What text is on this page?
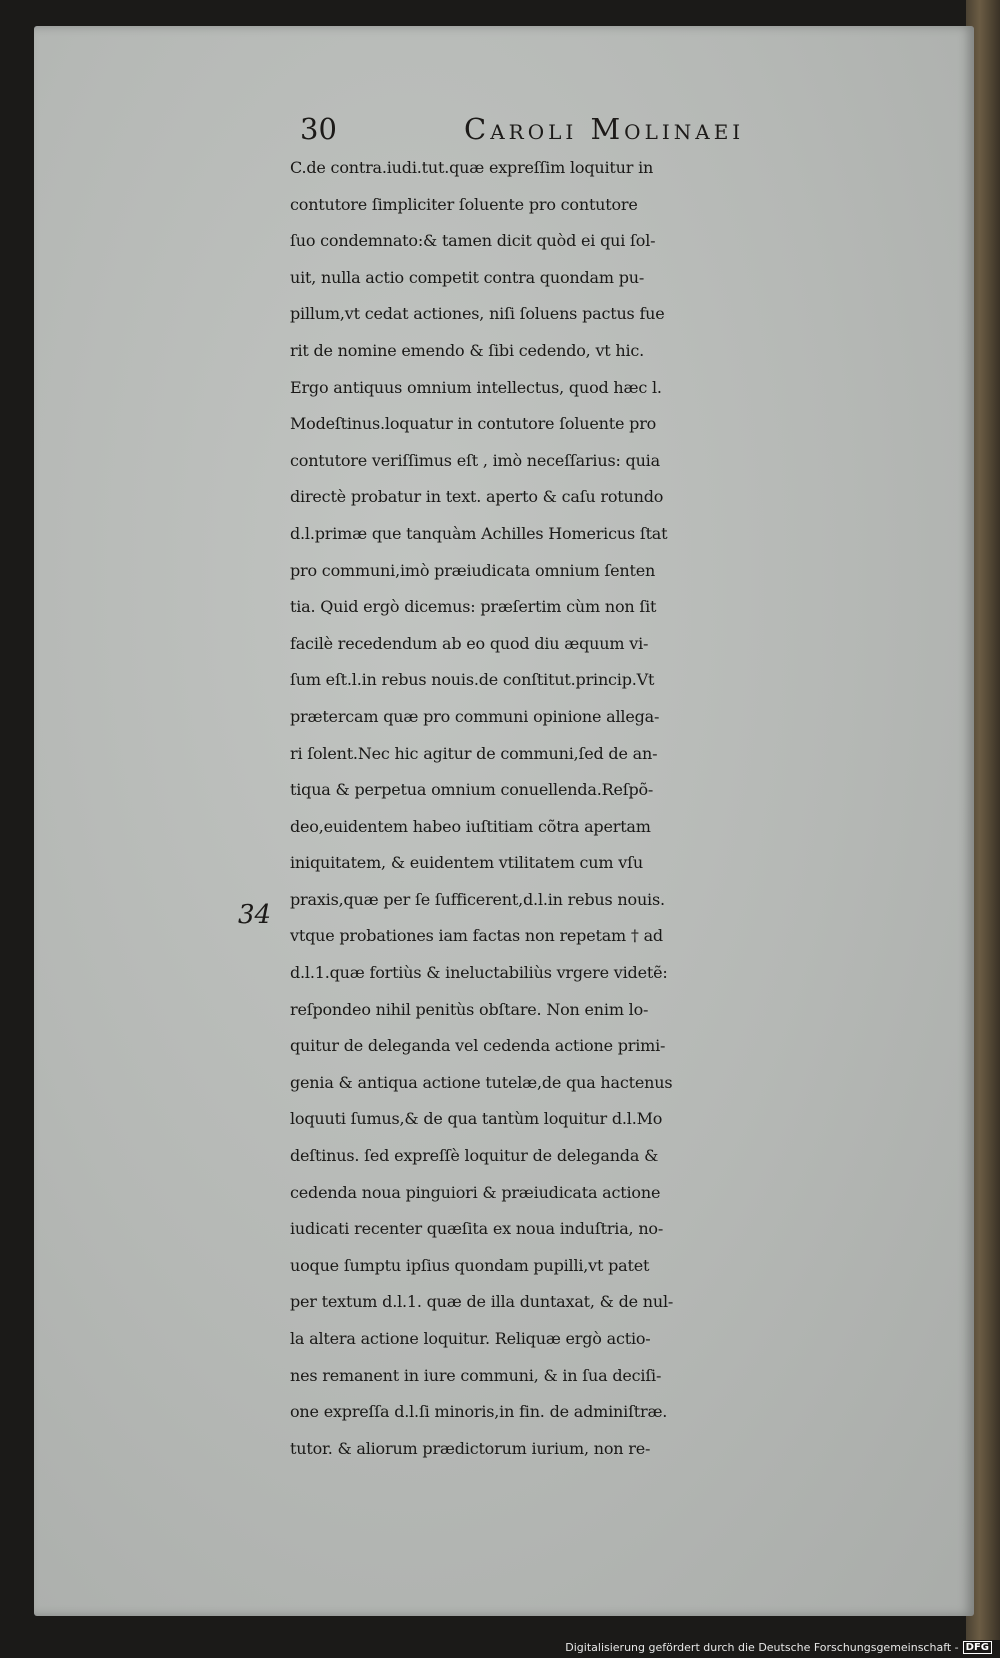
30	Caroli Molinaei
34
C.de contra.iudi.tut.quæ expreſſim loquitur in
contutore ſimpliciter ſoluente pro contutore
ſuo condemnato:& tamen dicit quòd ei qui ſol-
uit, nulla actio competit contra quondam pu-
pillum,vt cedat actiones, niſi ſoluens pactus fue
rit de nomine emendo & ſibi cedendo, vt hic.
Ergo antiquus omnium intellectus, quod hæc l.
Modeſtinus.loquatur in contutore ſoluente pro
contutore veriſſimus eſt , imò neceſſarius: quia
directè probatur in text. aperto & caſu rotundo
d.l.primæ que tanquàm Achilles Homericus ſtat
pro communi,imò præiudicata omnium ſenten
tia. Quid ergò dicemus: præſertim cùm non ſit
facilè recedendum ab eo quod diu æquum vi-
ſum eſt.l.in rebus nouis.de conſtitut.princip.Vt
prætercam quæ pro communi opinione allega-
ri ſolent.Nec hic agitur de communi,ſed de an-
tiqua & perpetua omnium conuellenda.Reſpõ-
deo,euidentem habeo iuſtitiam cõtra apertam
iniquitatem, & euidentem vtilitatem cum vſu
praxis,quæ per ſe ſufficerent,d.l.in rebus nouis.
vtque probationes iam factas non repetam † ad
d.l.1.quæ fortiùs & ineluctabiliùs vrgere videtẽ:
reſpondeo nihil penitùs obſtare. Non enim lo-
quitur de deleganda vel cedenda actione primi-
genia & antiqua actione tutelæ,de qua hactenus
loquuti ſumus,& de qua tantùm loquitur d.l.Mo
deſtinus. ſed expreſſè loquitur de deleganda &
cedenda noua pinguiori & præiudicata actione
iudicati recenter quæſita ex noua induſtria, no-
uoque ſumptu ipſius quondam pupilli,vt patet
per textum d.l.1. quæ de illa duntaxat, & de nul-
la altera actione loquitur. Reliquæ ergò actio-
nes remanent in iure communi, & in ſua deciſi-
one expreſſa d.l.ſi minoris,in fin. de adminiſtræ.
tutor. & aliorum prædictorum iurium, non re-
Digitalisierung gefördert durch die Deutsche Forschungsgemeinschaft - DFG
